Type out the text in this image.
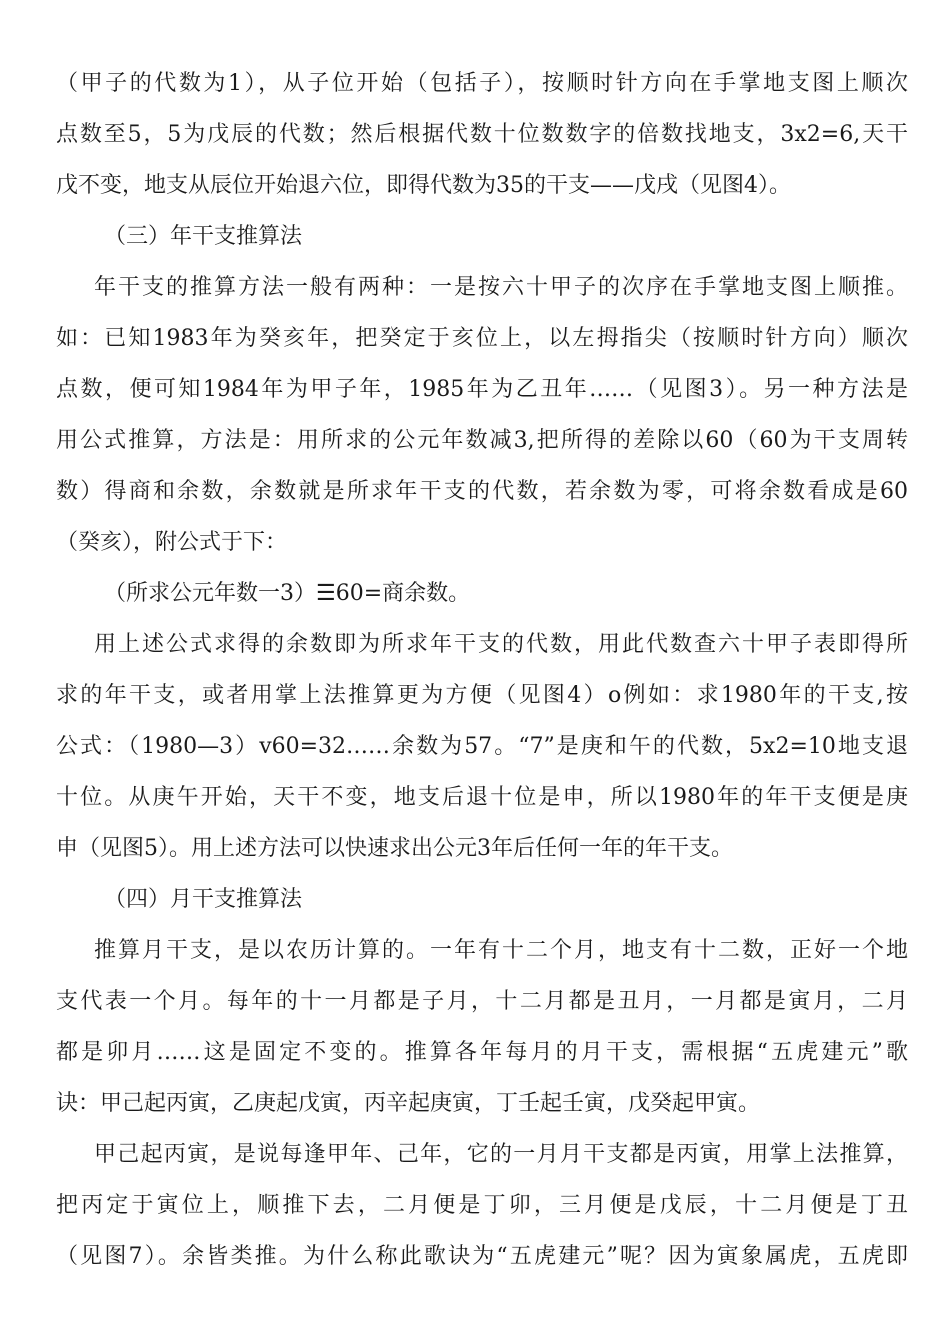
（甲子的代数为1），从子位开始（包括子），按顺时针方向在手掌地支图上顺次
点数至5，5为戊辰的代数；然后根据代数十位数数字的倍数找地支，3x2=6,天干
戊不变，地支从辰位开始退六位，即得代数为35的干支——戊戌（见图4）。
（三）年干支推算法
年干支的推算方法一般有两种：一是按六十甲子的次序在手掌地支图上顺推。
如：已知1983年为癸亥年，把癸定于亥位上，以左拇指尖（按顺时针方向）顺次
点数，便可知1984年为甲子年，1985年为乙丑年……（见图3）。另一种方法是
用公式推算，方法是：用所求的公元年数减3,把所得的差除以60（60为干支周转
数）得商和余数，余数就是所求年干支的代数，若余数为零，可将余数看成是60
（癸亥），附公式于下：
（所求公元年数一3）☰60=商余数。
用上述公式求得的余数即为所求年干支的代数，用此代数查六十甲子表即得所
求的年干支，或者用掌上法推算更为方便（见图4）o例如：求1980年的干支,按
公式：（1980—3）v60=32……余数为57。“7”是庚和午的代数，5x2=10地支退
十位。从庚午开始，天干不变，地支后退十位是申，所以1980年的年干支便是庚
申（见图5）。用上述方法可以快速求出公元3年后任何一年的年干支。
（四）月干支推算法
推算月干支，是以农历计算的。一年有十二个月，地支有十二数，正好一个地
支代表一个月。每年的十一月都是子月，十二月都是丑月，一月都是寅月，二月
都是卯月……这是固定不变的。推算各年每月的月干支，需根据“五虎建元”歌
诀：甲己起丙寅，乙庚起戊寅，丙辛起庚寅，丁壬起壬寅，戊癸起甲寅。
甲己起丙寅，是说每逢甲年、己年，它的一月月干支都是丙寅，用掌上法推算，
把丙定于寅位上，顺推下去，二月便是丁卯，三月便是戊辰，十二月便是丁丑
（见图7）。余皆类推。为什么称此歌诀为“五虎建元”呢？因为寅象属虎，五虎即
